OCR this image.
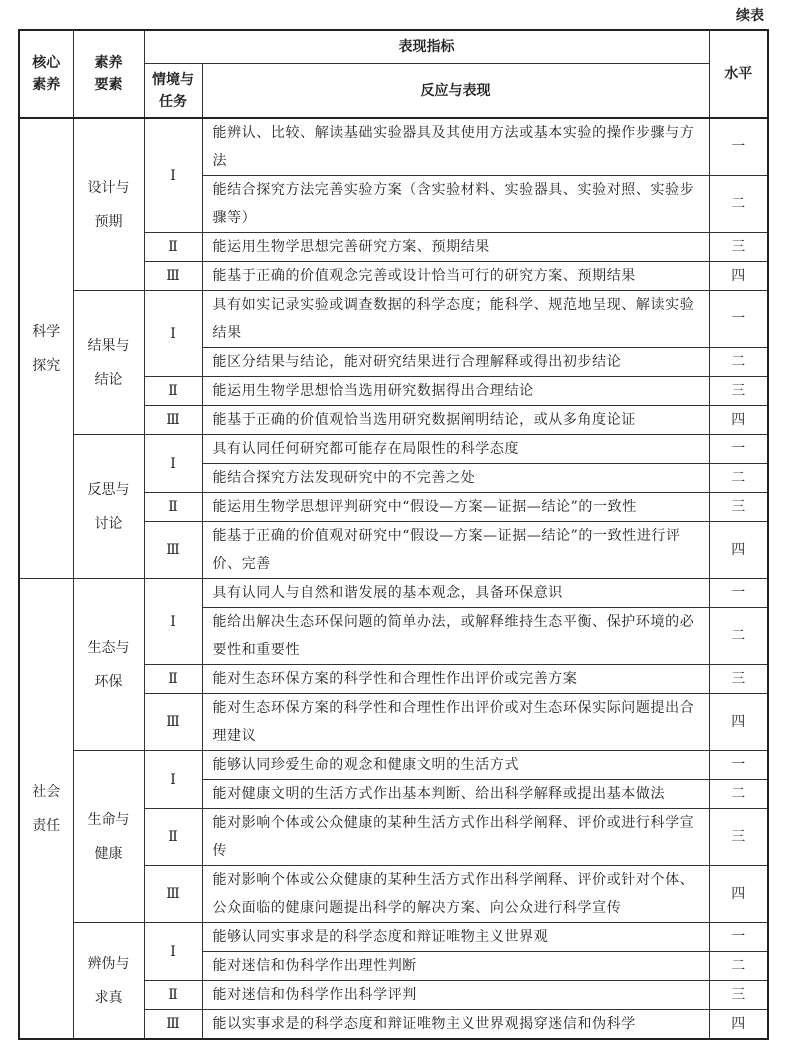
续表
核心素养	素养要素	表现指标		水平
		情境与任务	反应与表现	
科学探究	设计与预期	Ⅰ	能辨认、比较、解读基础实验器具及其使用方法或基本实验的操作步骤与方法	一
			能结合探究方法完善实验方案（含实验材料、实验器具、实验对照、实验步骤等）	二
		Ⅱ	能运用生物学思想完善研究方案、预期结果	三
		Ⅲ	能基于正确的价值观念完善或设计恰当可行的研究方案、预期结果	四
	结果与结论	Ⅰ	具有如实记录实验或调查数据的科学态度；能科学、规范地呈现、解读实验结果	一
			能区分结果与结论，能对研究结果进行合理解释或得出初步结论	二
		Ⅱ	能运用生物学思想恰当选用研究数据得出合理结论	三
		Ⅲ	能基于正确的价值观恰当选用研究数据阐明结论，或从多角度论证	四
	反思与讨论	Ⅰ	具有认同任何研究都可能存在局限性的科学态度	一
			能结合探究方法发现研究中的不完善之处	二
		Ⅱ	能运用生物学思想评判研究中“假设—方案—证据—结论”的一致性	三
		Ⅲ	能基于正确的价值观对研究中“假设—方案—证据—结论”的一致性进行评价、完善	四
社会责任	生态与环保	Ⅰ	具有认同人与自然和谐发展的基本观念，具备环保意识	一
			能给出解决生态环保问题的简单办法，或解释维持生态平衡、保护环境的必要性和重要性	二
		Ⅱ	能对生态环保方案的科学性和合理性作出评价或完善方案	三
		Ⅲ	能对生态环保方案的科学性和合理性作出评价或对生态环保实际问题提出合理建议	四
	生命与健康	Ⅰ	能够认同珍爱生命的观念和健康文明的生活方式	一
			能对健康文明的生活方式作出基本判断、给出科学解释或提出基本做法	二
		Ⅱ	能对影响个体或公众健康的某种生活方式作出科学阐释、评价或进行科学宣传	三
		Ⅲ	能对影响个体或公众健康的某种生活方式作出科学阐释、评价或针对个体、公众面临的健康问题提出科学的解决方案、向公众进行科学宣传	四
	辨伪与求真	Ⅰ	能够认同实事求是的科学态度和辩证唯物主义世界观	一
			能对迷信和伪科学作出理性判断	二
		Ⅱ	能对迷信和伪科学作出科学评判	三
		Ⅲ	能以实事求是的科学态度和辩证唯物主义世界观揭穿迷信和伪科学	四
